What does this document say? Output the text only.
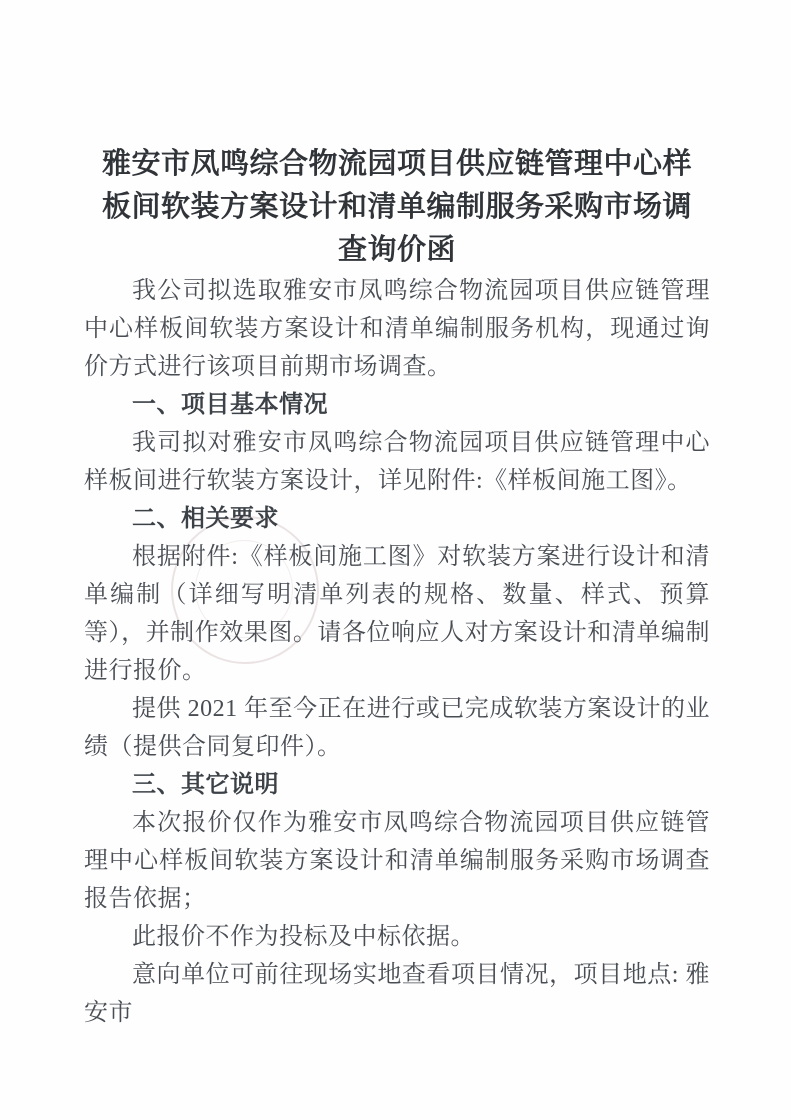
雅安市凤鸣综合物流园项目供应链管理中心样
板间软装方案设计和清单编制服务采购市场调
查询价函

我公司拟选取雅安市凤鸣综合物流园项目供应链管理中心样板间软装方案设计和清单编制服务机构，现通过询价方式进行该项目前期市场调查。

一、项目基本情况

我司拟对雅安市凤鸣综合物流园项目供应链管理中心样板间进行软装方案设计，详见附件:《样板间施工图》。

二、相关要求

根据附件:《样板间施工图》对软装方案进行设计和清单编制（详细写明清单列表的规格、数量、样式、预算等），并制作效果图。请各位响应人对方案设计和清单编制进行报价。

提供 2021 年至今正在进行或已完成软装方案设计的业绩（提供合同复印件）。

三、其它说明

本次报价仅作为雅安市凤鸣综合物流园项目供应链管理中心样板间软装方案设计和清单编制服务采购市场调查报告依据；

此报价不作为投标及中标依据。

意向单位可前往现场实地查看项目情况，项目地点: 雅安市
